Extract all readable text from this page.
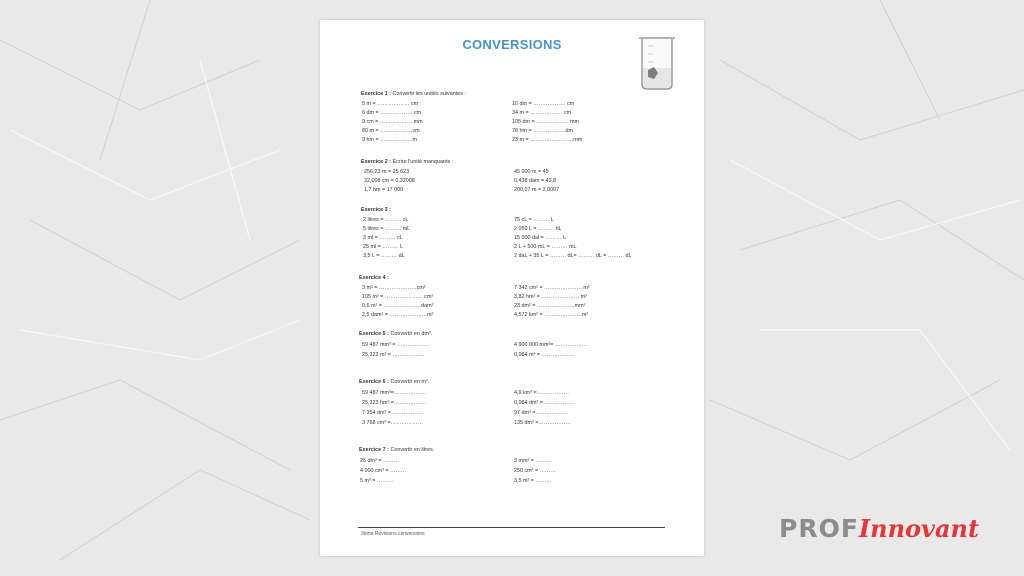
CONVERSIONS
Exercice 1 : Convertir les unités suivantes :
5 m = ……………… cm
6 dm = ……………… cm
9 cm = ……………… mm
80 m = ………………cm
9 hm = ………………m
10 dm = ……………… cm
34 m = ……………… cm
105 dm = ……………… mm
78 hm = ………………dm
23 m = ……………………mm
Exercice 2 : Écrire l'unité manquante :
256,23 m = 25 623
32,008 cm = 0,32008
1,7 hm = 17 000
45 000 m = 45
0,438 dam = 43,8
200,07 m = 2,0007
Exercice 3 :
2 litres = ……… cL
5 litres = ……… mL
3 ml = ……… cL
25 ml = ……… L
3,5 L = ……… dL
75 cL = ……… L
2 050 L = ……… hL
15 000 dal = ……… L
2 L + 500 mL = ……… mL
2 daL + 35 L = ……… dL= ……… dL = ……… dL
Exercice 4 :
3 m² = …………………cm²
105 m² = ………………… cm²
0,6 m² = …………………dam²
2,5 dam² = …………………m²
7 342 cm² = ………………… m²
3,82 hm² = ………………… m²
23 dm² = …………………mm²
4,572 km² = …………………m²
Exercice 5 : Convertir en dm³.
59 487 mm³ = ………………
25,323 m³ = ………………
4 900 000 mm³= ………………
0,984 m³ = ………………
Exercice 6 : Convertir en m³.
59 487 mm³=………………
25,323 hm³ =………………
7 354 dm³ =………………
3 768 cm³ =………………
4,9 km³ =………………
0,984 dm³ =………………
97 dm³ =………………
135 dm³ =………………
Exercice 7 : Convertir en litres.
25 dm³ = ………
4 000 cm³ = ………
5 m³ = ………
3 mm³ = ………
250 cm³ = ………
3,5 m³ = ………
3ème Révisions conversions	PROFInnovant
